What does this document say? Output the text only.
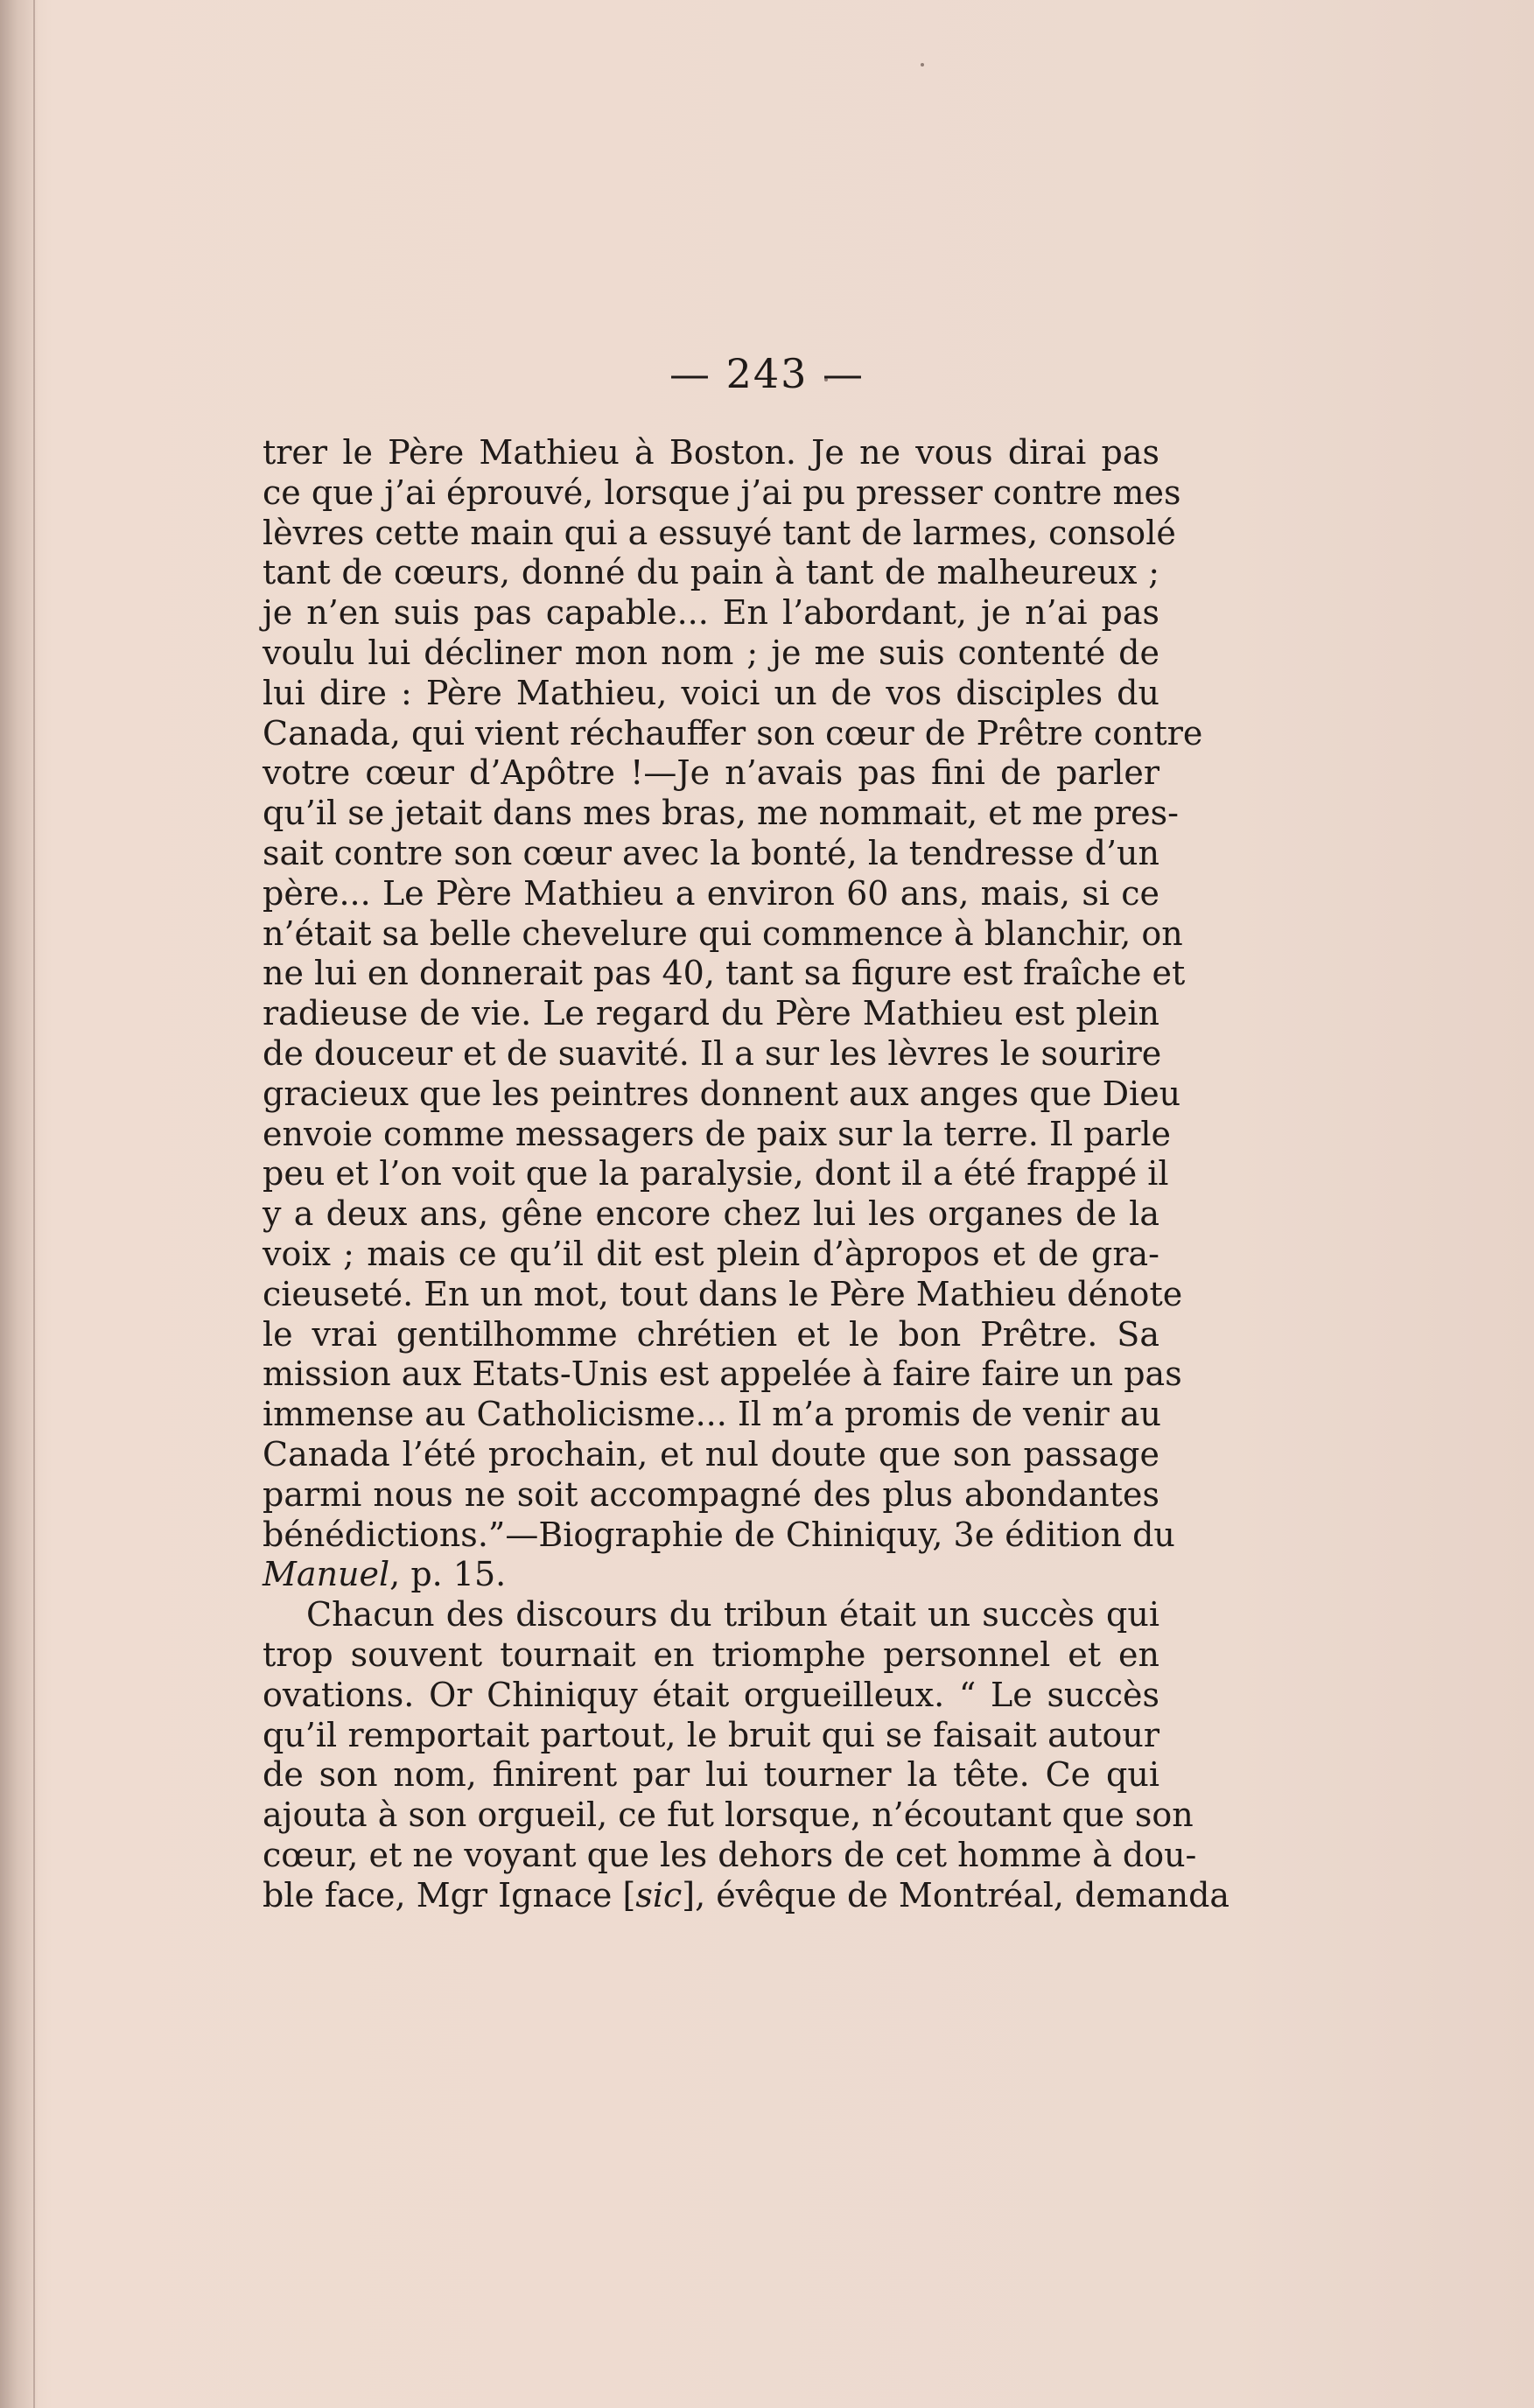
— 243 —
trer le Père Mathieu à Boston. Je ne vous dirai pas
ce que j’ai éprouvé, lorsque j’ai pu presser contre mes
lèvres cette main qui a essuyé tant de larmes, consolé
tant de cœurs, donné du pain à tant de malheureux ;
je n’en suis pas capable... En l’abordant, je n’ai pas
voulu lui décliner mon nom ; je me suis contenté de
lui dire : Père Mathieu, voici un de vos disciples du
Canada, qui vient réchauffer son cœur de Prêtre contre
votre cœur d’Apôtre !—Je n’avais pas fini de parler
qu’il se jetait dans mes bras, me nommait, et me pres-
sait contre son cœur avec la bonté, la tendresse d’un
père... Le Père Mathieu a environ 60 ans, mais, si ce
n’était sa belle chevelure qui commence à blanchir, on
ne lui en donnerait pas 40, tant sa figure est fraîche et
radieuse de vie. Le regard du Père Mathieu est plein
de douceur et de suavité. Il a sur les lèvres le sourire
gracieux que les peintres donnent aux anges que Dieu
envoie comme messagers de paix sur la terre. Il parle
peu et l’on voit que la paralysie, dont il a été frappé il
y a deux ans, gêne encore chez lui les organes de la
voix ; mais ce qu’il dit est plein d’àpropos et de gra-
cieuseté. En un mot, tout dans le Père Mathieu dénote
le vrai gentilhomme chrétien et le bon Prêtre. Sa
mission aux Etats-Unis est appelée à faire faire un pas
immense au Catholicisme... Il m’a promis de venir au
Canada l’été prochain, et nul doute que son passage
parmi nous ne soit accompagné des plus abondantes
bénédictions.”—Biographie de Chiniquy, 3e édition du
Manuel, p. 15.
Chacun des discours du tribun était un succès qui
trop souvent tournait en triomphe personnel et en
ovations. Or Chiniquy était orgueilleux. “ Le succès
qu’il remportait partout, le bruit qui se faisait autour
de son nom, finirent par lui tourner la tête. Ce qui
ajouta à son orgueil, ce fut lorsque, n’écoutant que son
cœur, et ne voyant que les dehors de cet homme à dou-
ble face, Mgr Ignace [sic], évêque de Montréal, demanda
